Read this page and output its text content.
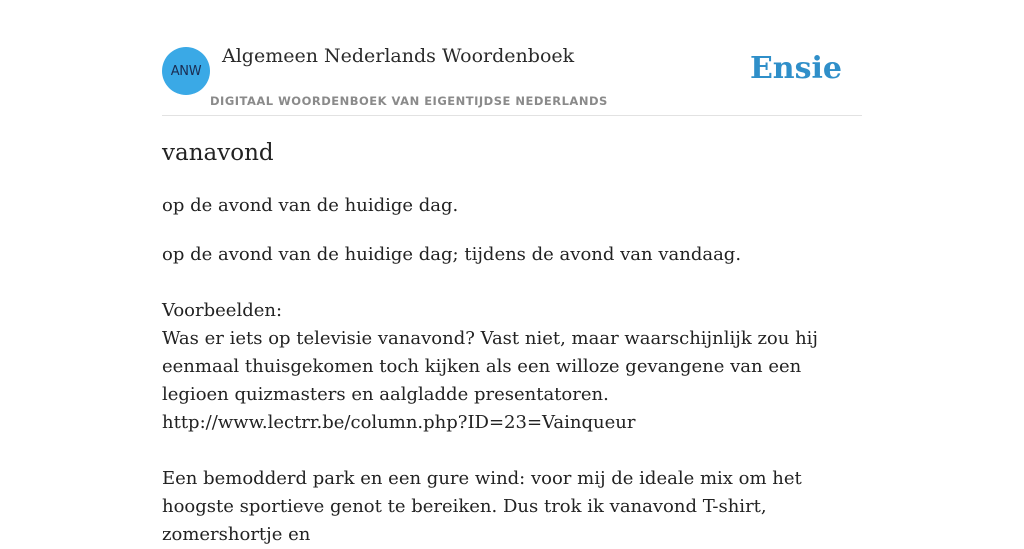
ANW
Algemeen Nederlands Woordenboek
DIGITAAL WOORDENBOEK VAN EIGENTIJDSE NEDERLANDS
Ensie
vanavond

op de avond van de huidige dag.

op de avond van de huidige dag; tijdens de avond van vandaag.
Voorbeelden:
Was er iets op televisie vanavond? Vast niet, maar waarschijnlijk zou hij eenmaal thuisgekomen toch kijken als een willoze gevangene van een legioen quizmasters en aalgladde presentatoren.
http://www.lectrr.be/column.php?ID=23=Vainqueur
Een bemodderd park en een gure wind: voor mij de ideale mix om het hoogste sportieve genot te bereiken. Dus trok ik vanavond T-shirt, zomershortje en
